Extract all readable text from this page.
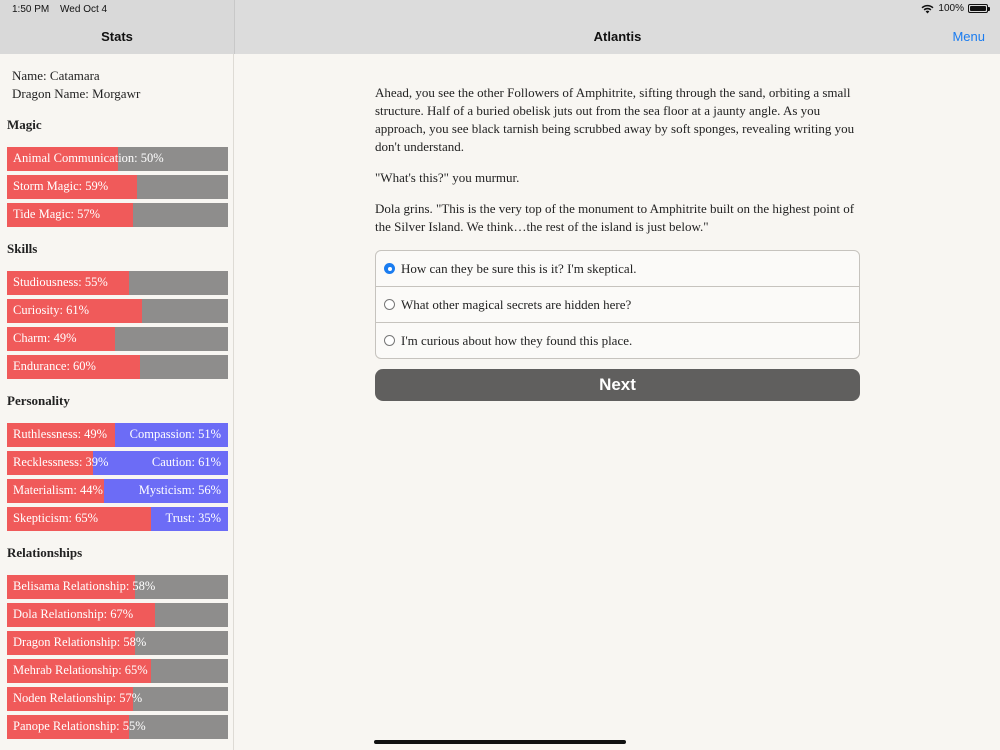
Stats	Atlantis	Menu
1:50 PM Wed Oct 4	100%
Name: Catamara
Dragon Name: Morgawr
Magic
Animal Communication: 50%
Storm Magic: 59%
Tide Magic: 57%
Skills
Studiousness: 55%
Curiosity: 61%
Charm: 49%
Endurance: 60%
Personality
Ruthlessness: 49% Compassion: 51%
Recklessness: 39%	Caution: 61%
Materialism: 44%	Mysticism: 56%
Skepticism: 65%	Trust: 35%
Relationships
Belisama Relationship: 58%
Dola Relationship: 67%
Dragon Relationship: 58%
Mehrab Relationship: 65%
Noden Relationship: 57%
Panope Relationship: 55%

Ahead, you see the other Followers of Amphitrite, sifting through the sand, orbiting a small structure. Half of a buried obelisk juts out from the sea floor at a jaunty angle. As you approach, you see black tarnish being scrubbed away by soft sponges, revealing writing you don't understand.

"What's this?" you murmur.

Dola grins. "This is the very top of the monument to Amphitrite built on the highest point of the Silver Island. We think…the rest of the island is just below."

How can they be sure this is it? I'm skeptical.
What other magical secrets are hidden here?
I'm curious about how they found this place.
Next
